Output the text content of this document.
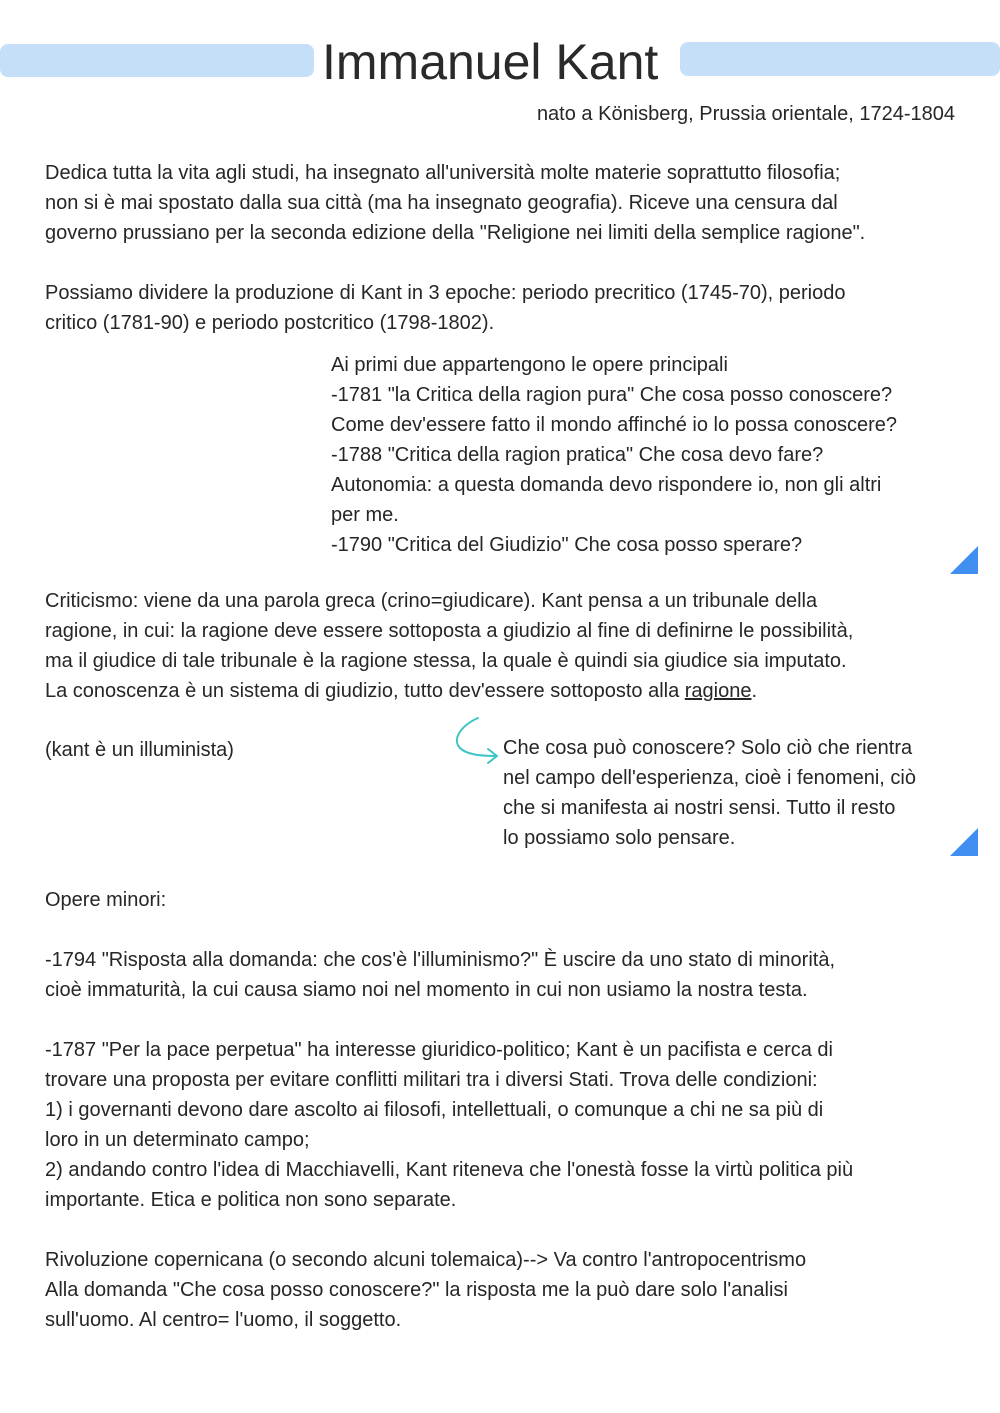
Immanuel Kant
nato a Könisberg, Prussia orientale, 1724-1804
Dedica tutta la vita agli studi, ha insegnato all'università molte materie soprattutto filosofia;
non si è mai spostato dalla sua città (ma ha insegnato geografia). Riceve una censura dal
governo prussiano per la seconda edizione della "Religione nei limiti della semplice ragione".
Possiamo dividere la produzione di Kant in 3 epoche: periodo precritico (1745-70), periodo
critico (1781-90) e periodo postcritico (1798-1802).
Ai primi due appartengono le opere principali
-1781 "la Critica della ragion pura" Che cosa posso conoscere?
Come dev'essere fatto il mondo affinché io lo possa conoscere?
-1788 "Critica della ragion pratica" Che cosa devo fare?
Autonomia: a questa domanda devo rispondere io, non gli altri
per me.
-1790 "Critica del Giudizio" Che cosa posso sperare?
Criticismo: viene da una parola greca (crino=giudicare). Kant pensa a un tribunale della
ragione, in cui: la ragione deve essere sottoposta a giudizio al fine di definirne le possibilità,
ma il giudice di tale tribunale è la ragione stessa, la quale è quindi sia giudice sia imputato.
La conoscenza è un sistema di giudizio, tutto dev'essere sottoposto alla ragione.
(kant è un illuminista)	Che cosa può conoscere? Solo ciò che rientra
nel campo dell'esperienza, cioè i fenomeni, ciò
che si manifesta ai nostri sensi. Tutto il resto
lo possiamo solo pensare.
Opere minori:
-1794 "Risposta alla domanda: che cos'è l'illuminismo?" È uscire da uno stato di minorità,
cioè immaturità, la cui causa siamo noi nel momento in cui non usiamo la nostra testa.
-1787 "Per la pace perpetua" ha interesse giuridico-politico; Kant è un pacifista e cerca di
trovare una proposta per evitare conflitti militari tra i diversi Stati. Trova delle condizioni:
1) i governanti devono dare ascolto ai filosofi, intellettuali, o comunque a chi ne sa più di
loro in un determinato campo;
2) andando contro l'idea di Macchiavelli, Kant riteneva che l'onestà fosse la virtù politica più
importante. Etica e politica non sono separate.
Rivoluzione copernicana (o secondo alcuni tolemaica)--> Va contro l'antropocentrismo
Alla domanda "Che cosa posso conoscere?" la risposta me la può dare solo l'analisi
sull'uomo. Al centro= l'uomo, il soggetto.
